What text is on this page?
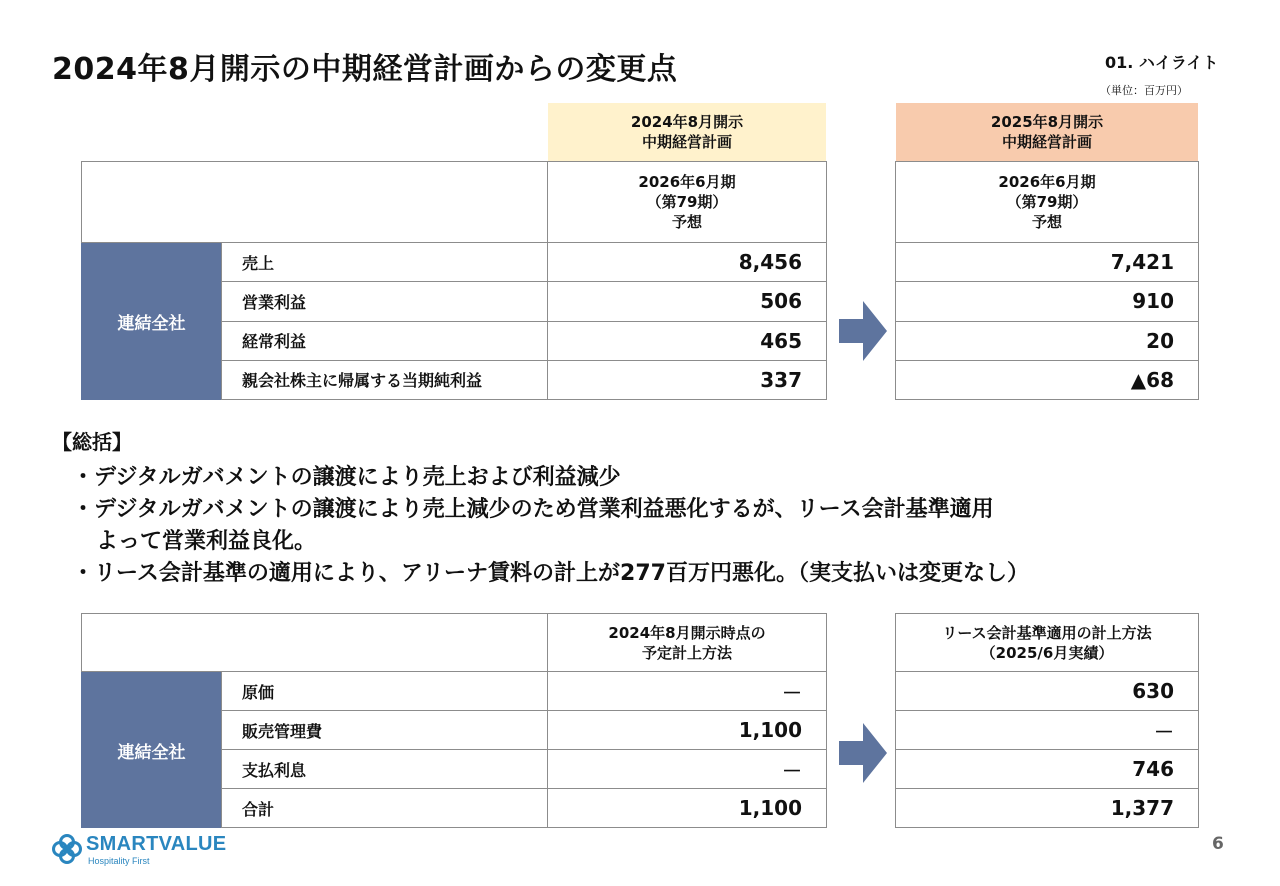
2024年8月開示の中期経営計画からの変更点	01. ハイライト
（単位：百万円）
2024年8月開示
中期経営計画
2025年8月開示
中期経営計画
2026年6月期
（第79期）
予想
2026年6月期
（第79期）
予想
連結全社
売上
営業利益
経常利益
親会社株主に帰属する当期純利益
8,456
506
465
337
7,421
910
20
▲68
【総括】
・デジタルガバメントの譲渡により売上および利益減少
・デジタルガバメントの譲渡により売上減少のため営業利益悪化するが、リース会計基準適用
よって営業利益良化。
・リース会計基準の適用により、アリーナ賃料の計上が277百万円悪化。（実支払いは変更なし）
2024年8月開示時点の
予定計上方法
リース会計基準適用の計上方法
（2025/6月実績）
連結全社
原価
販売管理費
支払利息
合計
－
1,100
－
1,100
630
－
746
1,377
SMARTVALUE
Hospitality First
6
